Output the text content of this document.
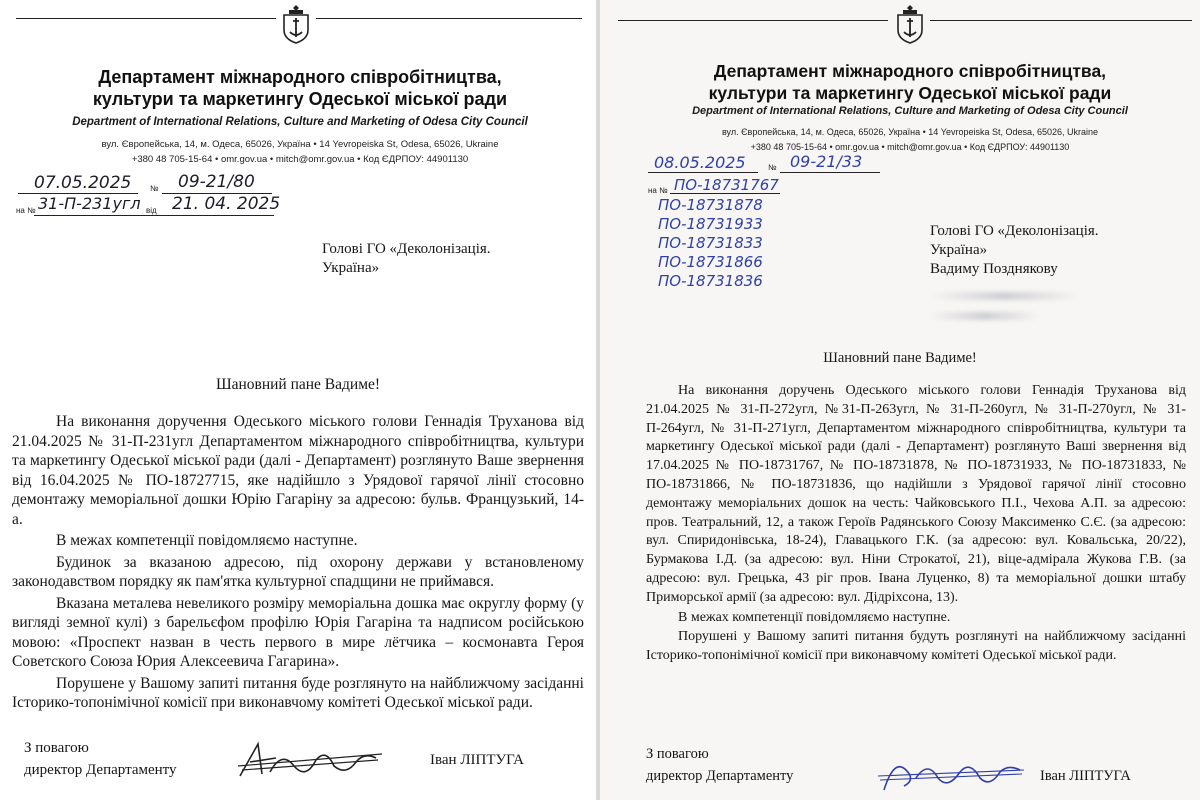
Департамент міжнародного співробітництва,
культури та маркетингу Одеської міської ради
Department of International Relations, Culture and Marketing of Odesa City Council
вул. Європейська, 14, м. Одеса, 65026, Україна • 14 Yevropeiska St, Odesa, 65026, Ukraine
+380 48 705-15-64 • omr.gov.ua • mitch@omr.gov.ua • Код ЄДРПОУ: 44901130
07.05.2025 № 09-21/80
на № 31-П-231угл від 21. 04. 2025
Голові ГО «Деколонізація.
Україна»
Шановний пане Вадиме!

На виконання доручення Одеського міського голови Геннадія Труханова від 21.04.2025 № 31-П-231угл Департаментом міжнародного співробітництва, культури та маркетингу Одеської міської ради (далі - Департамент) розглянуто Ваше звернення від 16.04.2025 № ПО-18727715, яке надійшло з Урядової гарячої лінії стосовно демонтажу меморіальної дошки Юрію Гагаріну за адресою: бульв. Французький, 14-а.

В межах компетенції повідомляємо наступне.

Будинок за вказаною адресою, під охорону держави у встановленому законодавством порядку як пам'ятка культурної спадщини не приймався.

Вказана металева невеликого розміру меморіальна дошка має округлу форму (у вигляді земної кулі) з барельєфом профілю Юрія Гагаріна та надписом російською мовою: «Проспект назван в честь первого в мире лётчика – космонавта Героя Советского Союза Юрия Алексеевича Гагарина».

Порушене у Вашому запиті питання буде розглянуто на найближчому засіданні Історико-топонімічної комісії при виконавчому комітеті Одеської міської ради.

З повагою
директор Департаменту
Іван ЛІПТУГА
Департамент міжнародного співробітництва,
культури та маркетингу Одеської міської ради
Department of International Relations, Culture and Marketing of Odesa City Council
вул. Європейська, 14, м. Одеса, 65026, Україна • 14 Yevropeiska St, Odesa, 65026, Ukraine
+380 48 705-15-64 • omr.gov.ua • mitch@omr.gov.ua • Код ЄДРПОУ: 44901130
08.05.2025	№ 09-21/33
на № ПО-18731767
ПО-18731878
ПО-18731933
ПО-18731833
ПО-18731866
ПО-18731836
Голові ГО «Деколонізація.
Україна»
Вадиму Позднякову
Шановний пане Вадиме!

На виконання доручень Одеського міського голови Геннадія Труханова від 21.04.2025 № 31-П-272угл, №31-П-263угл, № 31-П-260угл, № 31-П-270угл, № 31-П-264угл, № 31-П-271угл, Департаментом міжнародного співробітництва, культури та маркетингу Одеської міської ради (далі - Департамент) розглянуто Ваші звернення від 17.04.2025 № ПО-18731767, № ПО-18731878, № ПО-18731933, № ПО-18731833, № ПО-18731866, № ПО-18731836, що надійшли з Урядової гарячої лінії стосовно демонтажу меморіальних дошок на честь: Чайковського П.І., Чехова А.П. за адресою: пров. Театральний, 12, а також Героїв Радянського Союзу Максименко С.Є. (за адресою: вул. Спиридонівська, 18-24), Главацького Г.К. (за адресою: вул. Ковальська, 20/22), Бурмакова І.Д. (за адресою: вул. Ніни Строкатої, 21), віце-адмірала Жукова Г.В. (за адресою: вул. Грецька, 43 ріг пров. Івана Луценко, 8) та меморіальної дошки штабу Приморської армії (за адресою: вул. Дідріхсона, 13).

В межах компетенції повідомляємо наступне.

Порушені у Вашому запиті питання будуть розглянуті на найближчому засіданні Історико-топонімічної комісії при виконавчому комітеті Одеської міської ради.

З повагою
директор Департаменту	Іван ЛІПТУГА
